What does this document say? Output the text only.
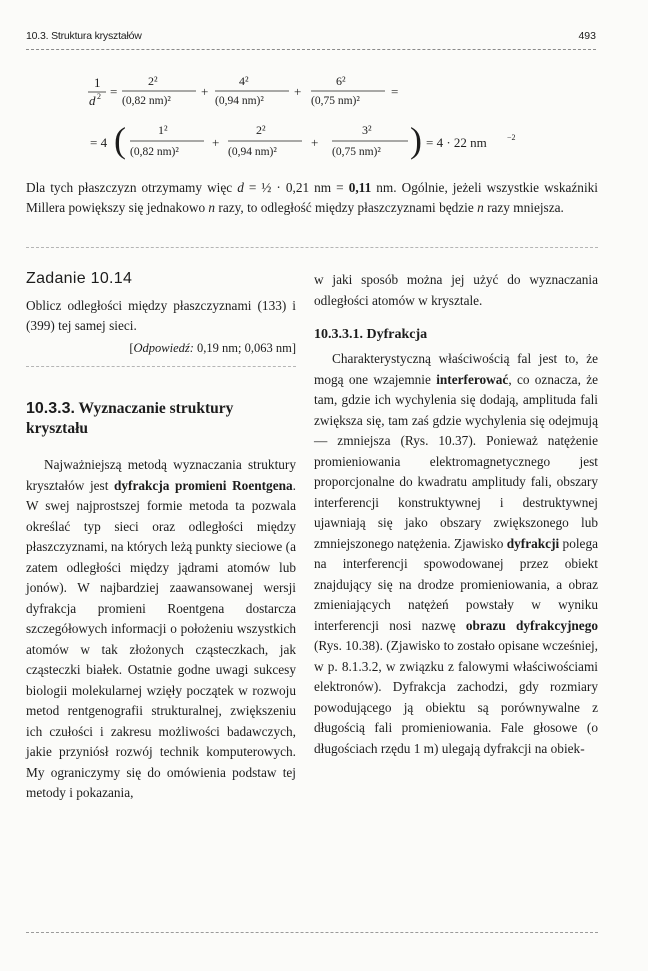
10.3. Struktura kryształów	493
1
d 2 =
2²
(0,82 nm)²
+
4²
(0,94 nm)²
+
6²
(0,75 nm)²
=
= 4 (	1²
(0,82 nm)²
+
2²
(0,94 nm)²
+
3²
(0,75 nm)² ) = 4 · 22 nm	−2
Dla tych płaszczyzn otrzymamy więc d = ½ · 0,21 nm = 0,11 nm. Ogólnie, jeżeli wszystkie wskaźniki Millera powiększy się jednakowo n razy, to odległość między płaszczyznami będzie n razy mniejsza.
Zadanie 10.14
Oblicz odległości między płaszczyznami (133) i (399) tej samej sieci.
[Odpowiedź: 0,19 nm; 0,063 nm]
10.3.3. Wyznaczanie struktury kryształu

Najważniejszą metodą wyznaczania struktury kryształów jest dyfrakcja promieni Roentgena. W swej najprostszej formie metoda ta pozwala określać typ sieci oraz odległości między płaszczyznami, na których leżą punkty sieciowe (a zatem odległości między jądrami atomów lub jonów). W najbardziej zaawansowanej wersji dyfrakcja promieni Roentgena dostarcza szczegółowych informacji o położeniu wszystkich atomów w tak złożonych cząsteczkach, jak cząsteczki białek. Ostatnie godne uwagi sukcesy biologii molekularnej wzięły początek w rozwoju metod rentgenografii strukturalnej, zwiększeniu ich czułości i zakresu możliwości badawczych, jakie przyniósł rozwój technik komputerowych. My ograniczymy się do omówienia podstaw tej metody i pokazania,

w jaki sposób można jej użyć do wyznaczania odległości atomów w krysztale.

10.3.3.1. Dyfrakcja

Charakterystyczną właściwością fal jest to, że mogą one wzajemnie interferować, co oznacza, że tam, gdzie ich wychylenia się dodają, amplituda fali zwiększa się, tam zaś gdzie wychylenia się odejmują — zmniejsza (Rys. 10.37). Ponieważ natężenie promieniowania elektromagnetycznego jest proporcjonalne do kwadratu amplitudy fali, obszary interferencji konstruktywnej i destruktywnej ujawniają się jako obszary zwiększonego lub zmniejszonego natężenia. Zjawisko dyfrakcji polega na interferencji spowodowanej przez obiekt znajdujący się na drodze promieniowania, a obraz zmieniających natężeń powstały w wyniku interferencji nosi nazwę obrazu dyfrakcyjnego (Rys. 10.38). (Zjawisko to zostało opisane wcześniej, w p. 8.1.3.2, w związku z falowymi właściwościami elektronów). Dyfrakcja zachodzi, gdy rozmiary powodującego ją obiektu są porównywalne z długością fali promieniowania. Fale głosowe (o długościach rzędu 1 m) ulegają dyfrakcji na obiek-
